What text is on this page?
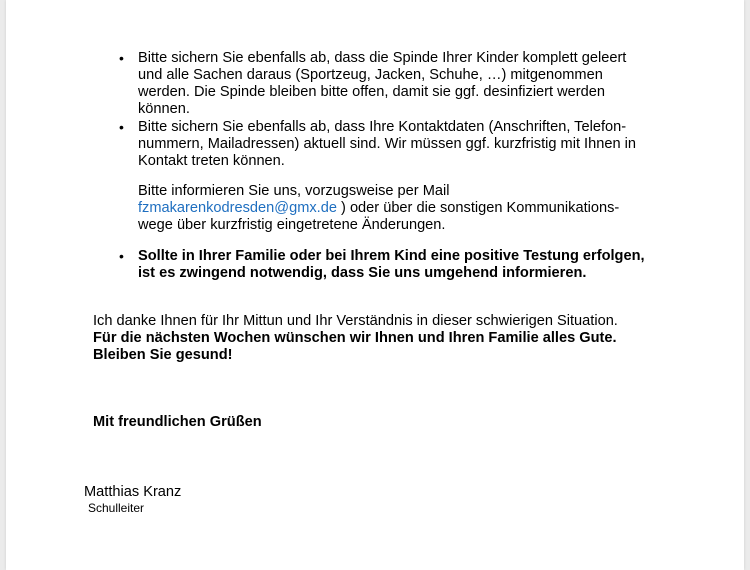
• Bitte sichern Sie ebenfalls ab, dass die Spinde Ihrer Kinder komplett geleert

und alle Sachen daraus (Sportzeug, Jacken, Schuhe, …) mitgenommen

werden. Die Spinde bleiben bitte offen, damit sie ggf. desinfiziert werden

können.

• Bitte sichern Sie ebenfalls ab, dass Ihre Kontaktdaten (Anschriften, Telefon-

nummern, Mailadressen) aktuell sind. Wir müssen ggf. kurzfristig mit Ihnen in

Kontakt treten können.

Bitte informieren Sie uns, vorzugsweise per Mail

fzmakarenkodresden@gmx.de ) oder über die sonstigen Kommunikations-

wege über kurzfristig eingetretene Änderungen.

• Sollte in Ihrer Familie oder bei Ihrem Kind eine positive Testung erfolgen,

ist es zwingend notwendig, dass Sie uns umgehend informieren.

Ich danke Ihnen für Ihr Mittun und Ihr Verständnis in dieser schwierigen Situation.

Für die nächsten Wochen wünschen wir Ihnen und Ihren Familie alles Gute.

Bleiben Sie gesund!

Mit freundlichen Grüßen

Matthias Kranz

Schulleiter
